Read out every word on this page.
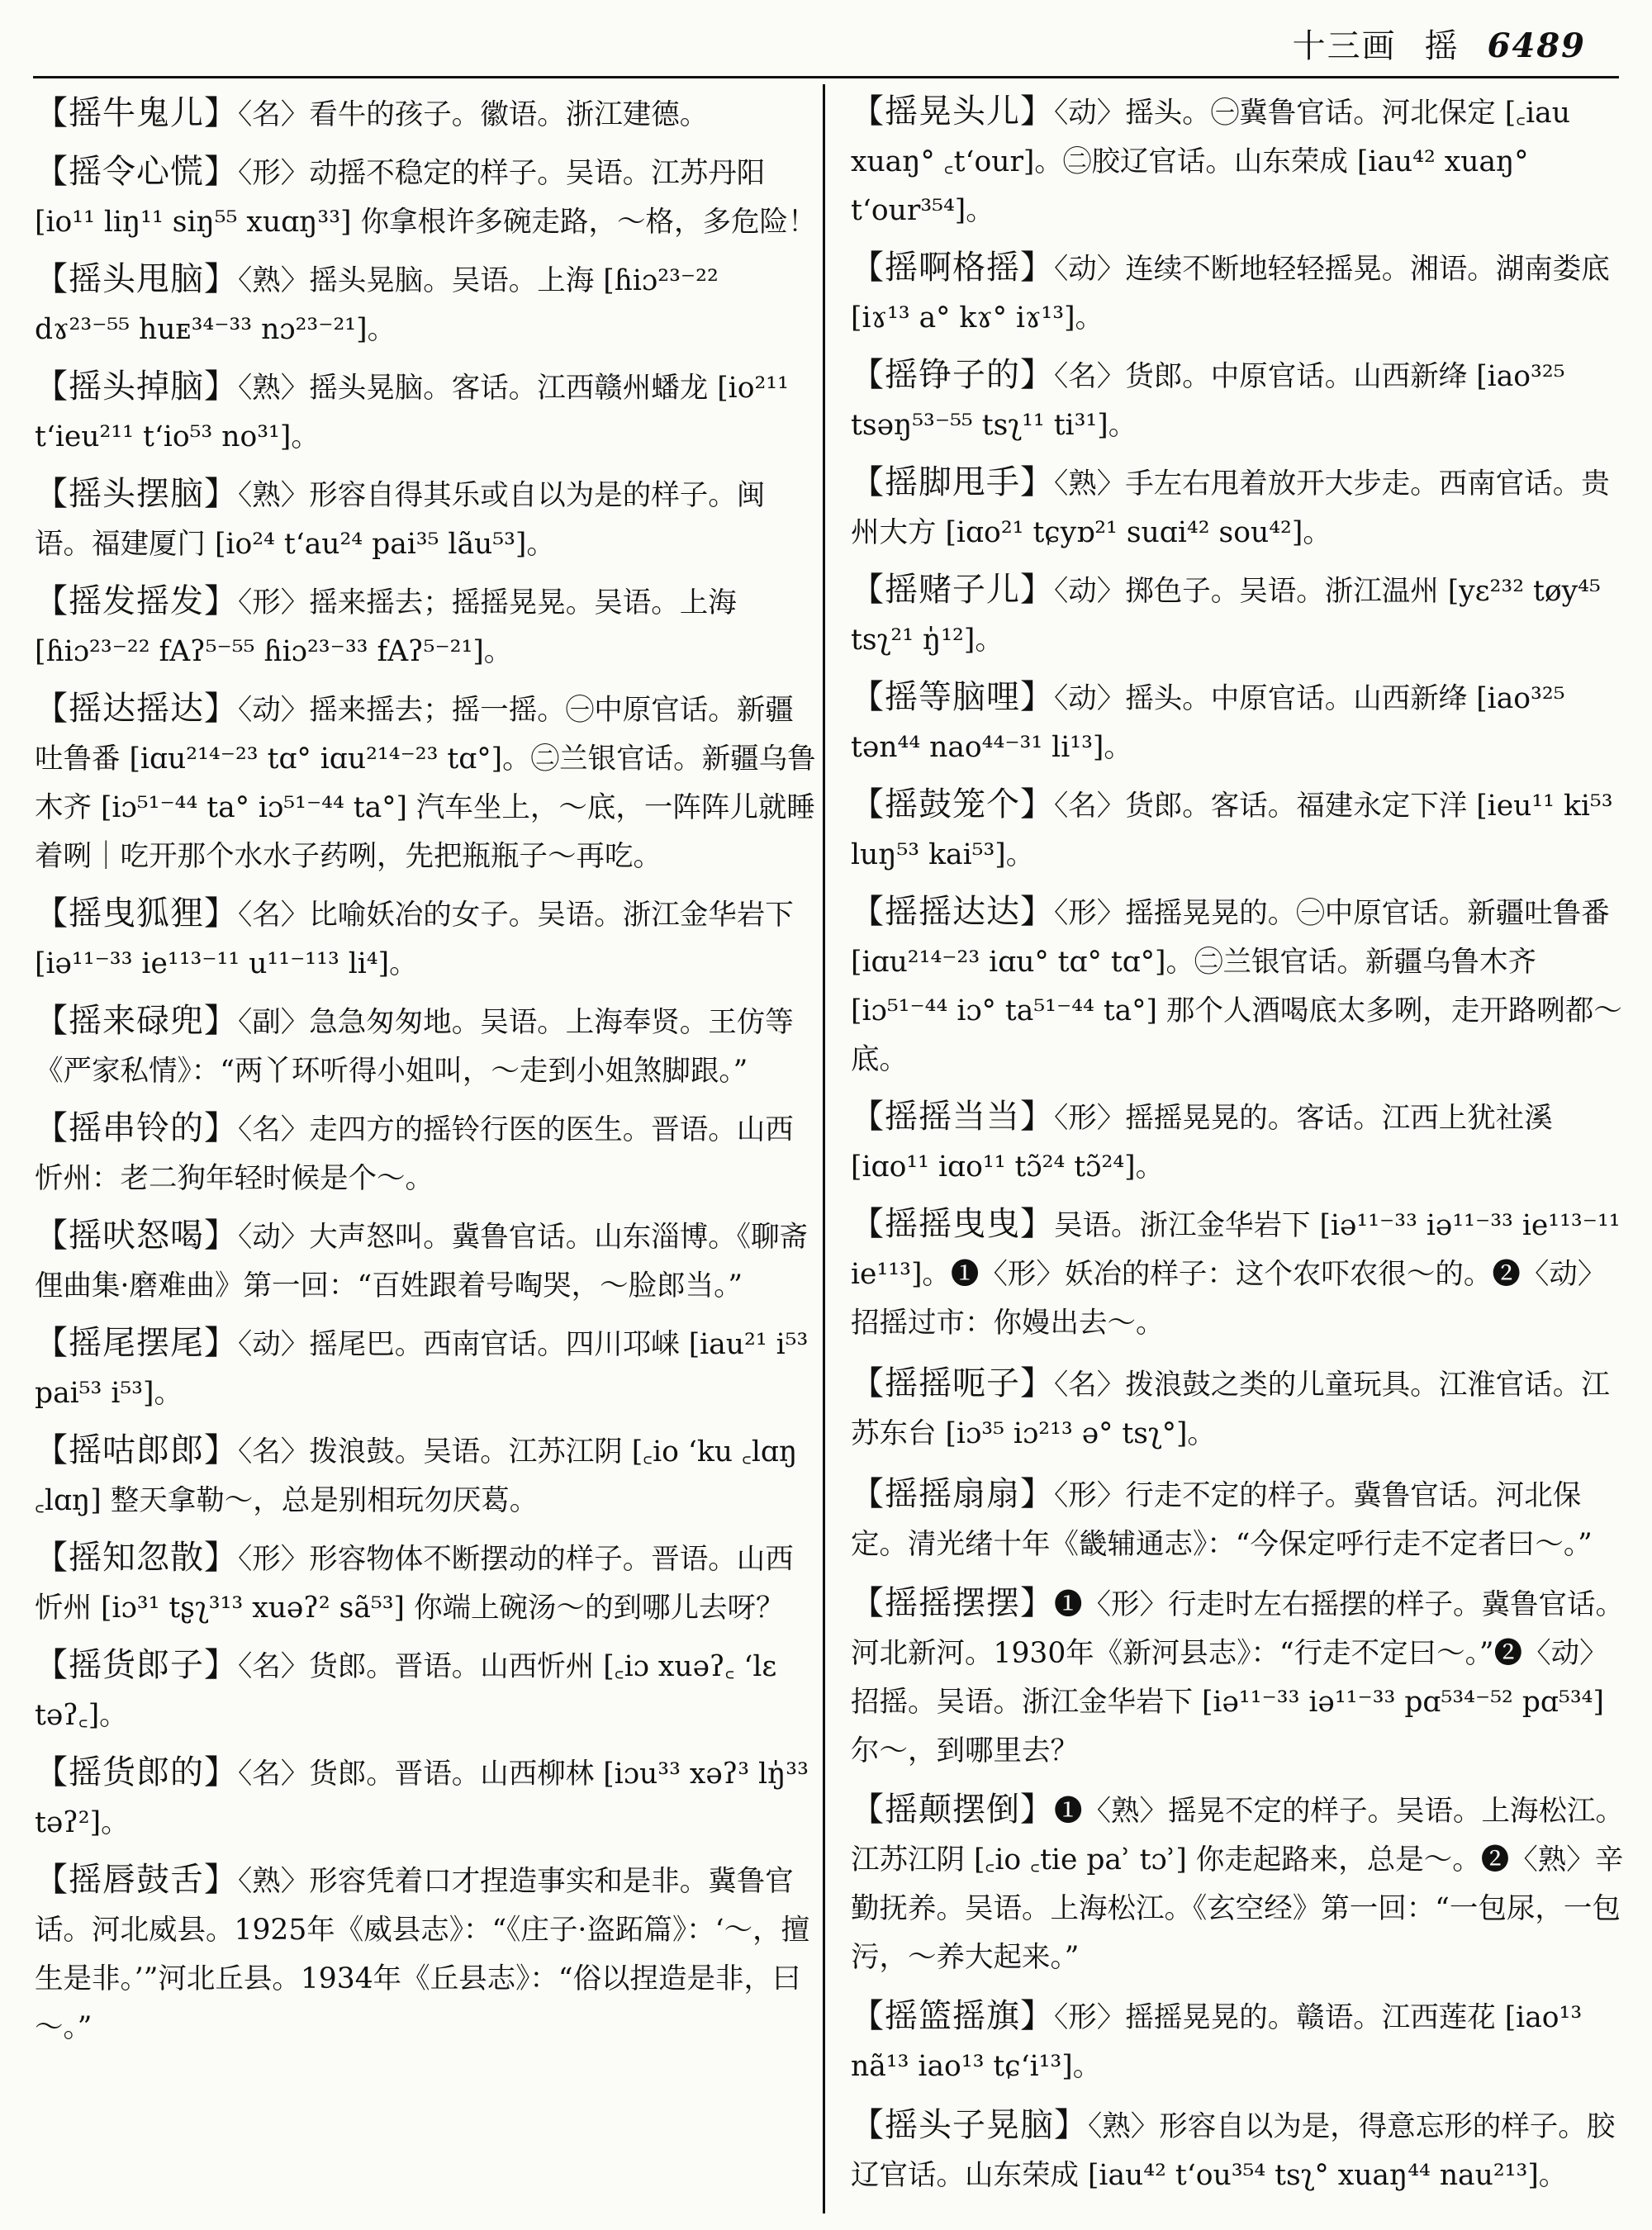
十三画 摇 6489

【摇牛鬼儿】〈名〉看牛的孩子。徽语。浙江建德。

【摇令心慌】〈形〉动摇不稳定的样子。吴语。江苏丹阳 [io¹¹ liŋ¹¹ siŋ⁵⁵ xuɑŋ³³] 你拿根许多碗走路，～格，多危险！

【摇头甩脑】〈熟〉摇头晃脑。吴语。上海 [ɦiɔ²³⁻²² dɤ²³⁻⁵⁵ huᴇ³⁴⁻³³ nɔ²³⁻²¹]。

【摇头掉脑】〈熟〉摇头晃脑。客话。江西赣州蟠龙 [io²¹¹ tʻieu²¹¹ tʻio⁵³ no³¹]。

【摇头摆脑】〈熟〉形容自得其乐或自以为是的样子。闽语。福建厦门 [io²⁴ tʻau²⁴ pai³⁵ lãu⁵³]。

【摇发摇发】〈形〉摇来摇去；摇摇晃晃。吴语。上海 [ɦiɔ²³⁻²² fAʔ⁵⁻⁵⁵ ɦiɔ²³⁻³³ fAʔ⁵⁻²¹]。

【摇达摇达】〈动〉摇来摇去；摇一摇。㊀中原官话。新疆吐鲁番 [iɑu²¹⁴⁻²³ tɑ° iɑu²¹⁴⁻²³ tɑ°]。㊁兰银官话。新疆乌鲁木齐 [iɔ⁵¹⁻⁴⁴ ta° iɔ⁵¹⁻⁴⁴ ta°] 汽车坐上，～底，一阵阵儿就睡着咧｜吃开那个水水子药咧，先把瓶瓶子～再吃。

【摇曳狐狸】〈名〉比喻妖冶的女子。吴语。浙江金华岩下 [iə¹¹⁻³³ ie¹¹³⁻¹¹ u¹¹⁻¹¹³ li⁴]。

【摇来碌兜】〈副〉急急匆匆地。吴语。上海奉贤。王仿等《严家私情》：“两丫环听得小姐叫，～走到小姐煞脚跟。”

【摇串铃的】〈名〉走四方的摇铃行医的医生。晋语。山西忻州：老二狗年轻时候是个～。

【摇吠怒喝】〈动〉大声怒叫。冀鲁官话。山东淄博。《聊斋俚曲集·磨难曲》第一回：“百姓跟着号啕哭，～脸郎当。”

【摇尾摆尾】〈动〉摇尾巴。西南官话。四川邛崃 [iau²¹ i⁵³ pai⁵³ i⁵³]。

【摇咕郎郎】〈名〉拨浪鼓。吴语。江苏江阴 [꜀io ʻku ꜀lɑŋ ꜀lɑŋ] 整天拿勒～，总是别相玩勿厌葛。

【摇知忽散】〈形〉形容物体不断摆动的样子。晋语。山西忻州 [iɔ³¹ tʂʅ³¹³ xuəʔ² sã⁵³] 你端上碗汤～的到哪儿去呀？

【摇货郎子】〈名〉货郎。晋语。山西忻州 [꜀iɔ xuəʔ꜀ ʻlɛ təʔ꜀]。

【摇货郎的】〈名〉货郎。晋语。山西柳林 [iɔu³³ xəʔ³ lŋ̍³³ təʔ²]。

【摇唇鼓舌】〈熟〉形容凭着口才捏造事实和是非。冀鲁官话。河北威县。1925年《威县志》：“《庄子·盗跖篇》：‘～，擅生是非。’”河北丘县。1934年《丘县志》：“俗以捏造是非，曰～。”

【摇晃头儿】〈动〉摇头。㊀冀鲁官话。河北保定 [꜀iau xuaŋ° ꜀tʻour]。㊁胶辽官话。山东荣成 [iau⁴² xuaŋ° tʻour³⁵⁴]。

【摇啊格摇】〈动〉连续不断地轻轻摇晃。湘语。湖南娄底 [iɤ¹³ a° kɤ° iɤ¹³]。

【摇铮子的】〈名〉货郎。中原官话。山西新绛 [iao³²⁵ tsəŋ⁵³⁻⁵⁵ tsʅ¹¹ ti³¹]。

【摇脚甩手】〈熟〉手左右甩着放开大步走。西南官话。贵州大方 [iɑo²¹ tɕyɒ²¹ suɑi⁴² sou⁴²]。

【摇赌子儿】〈动〉掷色子。吴语。浙江温州 [yɛ²³² tøy⁴⁵ tsʅ²¹ ŋ̍¹²]。

【摇等脑哩】〈动〉摇头。中原官话。山西新绛 [iao³²⁵ tən⁴⁴ nao⁴⁴⁻³¹ li¹³]。

【摇鼓笼个】〈名〉货郎。客话。福建永定下洋 [ieu¹¹ ki⁵³ luŋ⁵³ kai⁵³]。

【摇摇达达】〈形〉摇摇晃晃的。㊀中原官话。新疆吐鲁番 [iɑu²¹⁴⁻²³ iɑu° tɑ° tɑ°]。㊁兰银官话。新疆乌鲁木齐 [iɔ⁵¹⁻⁴⁴ iɔ° ta⁵¹⁻⁴⁴ ta°] 那个人酒喝底太多咧，走开路咧都～底。

【摇摇当当】〈形〉摇摇晃晃的。客话。江西上犹社溪 [iɑo¹¹ iɑo¹¹ tɔ̃²⁴ tɔ̃²⁴]。

【摇摇曳曳】吴语。浙江金华岩下 [iə¹¹⁻³³ iə¹¹⁻³³ ie¹¹³⁻¹¹ ie¹¹³]。❶〈形〉妖冶的样子：这个农吓农很～的。❷〈动〉招摇过市：你嫚出去～。

【摇摇呃子】〈名〉拨浪鼓之类的儿童玩具。江淮官话。江苏东台 [iɔ³⁵ iɔ²¹³ ə° tsʅ°]。

【摇摇扇扇】〈形〉行走不定的样子。冀鲁官话。河北保定。清光绪十年《畿辅通志》：“今保定呼行走不定者曰～。”

【摇摇摆摆】❶〈形〉行走时左右摇摆的样子。冀鲁官话。河北新河。1930年《新河县志》：“行走不定曰～。”❷〈动〉招摇。吴语。浙江金华岩下 [iə¹¹⁻³³ iə¹¹⁻³³ pɑ⁵³⁴⁻⁵² pɑ⁵³⁴] 尔～，到哪里去？

【摇颠摆倒】❶〈熟〉摇晃不定的样子。吴语。上海松江。江苏江阴 [꜀io ꜀tie paʾ tɔʾ] 你走起路来，总是～。❷〈熟〉辛勤抚养。吴语。上海松江。《玄空经》第一回：“一包尿，一包污，～养大起来。”

【摇篮摇旗】〈形〉摇摇晃晃的。赣语。江西莲花 [iao¹³ nã¹³ iao¹³ tɕʻi¹³]。

【摇头子晃脑】〈熟〉形容自以为是，得意忘形的样子。胶辽官话。山东荣成 [iau⁴² tʻou³⁵⁴ tsʅ° xuaŋ⁴⁴ nau²¹³]。
